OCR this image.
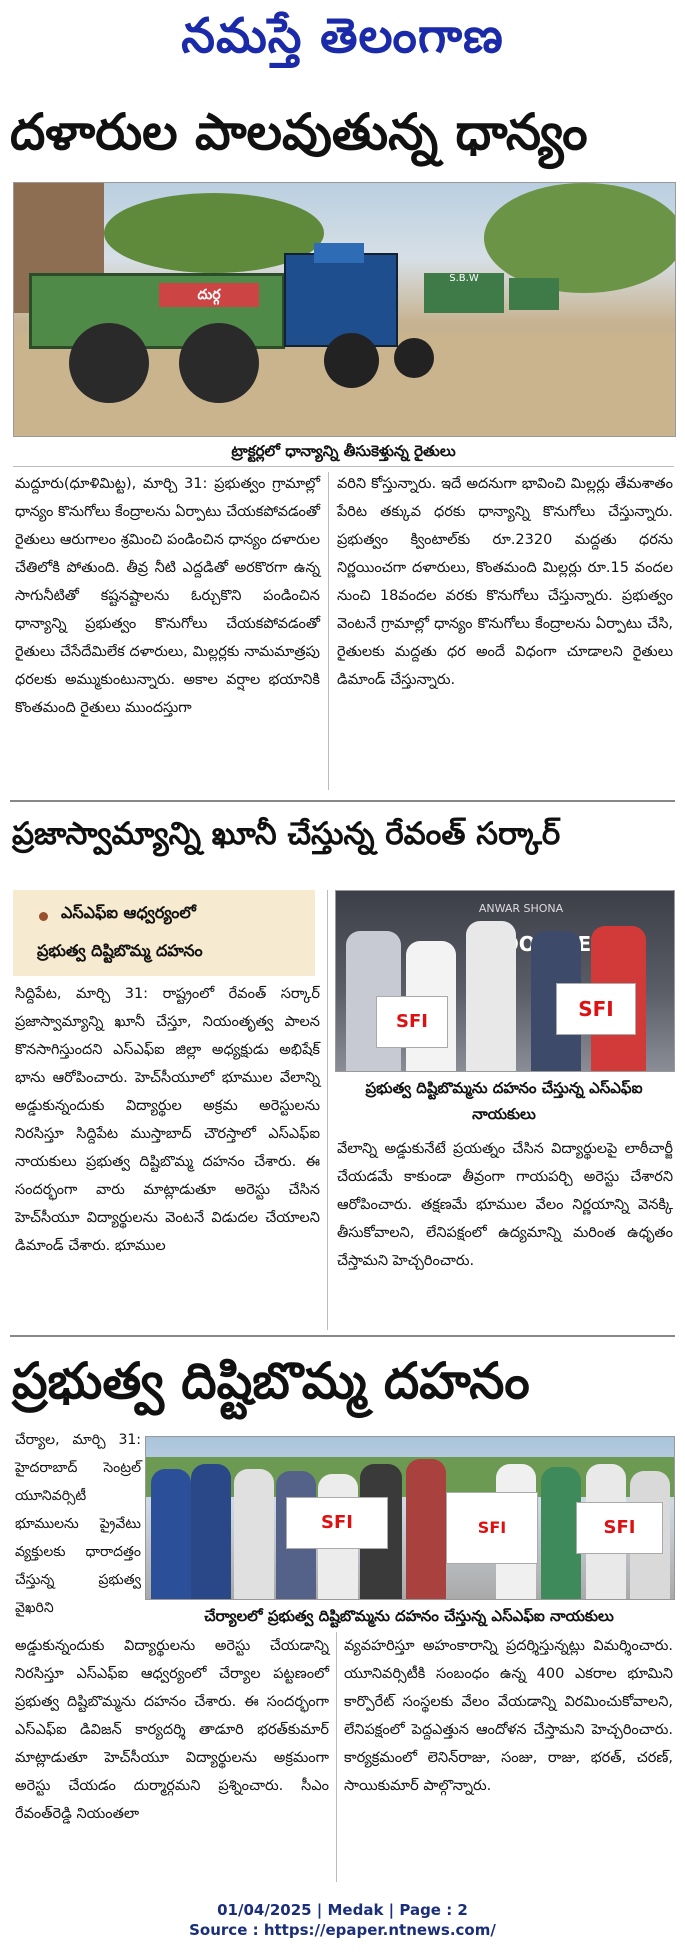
నమస్తే తెలంగాణ
దళారుల పాలవుతున్న ధాన్యం
దుర్గ
S.B.W
ట్రాక్టర్లలో ధాన్యాన్ని తీసుకెళ్తున్న రైతులు
మద్దూరు(ధూళిమిట్ట), మార్చి 31: ప్రభుత్వం గ్రామాల్లో ధాన్యం కొనుగోలు కేంద్రాలను ఏర్పాటు చేయకపోవడంతో రైతులు ఆరుగాలం శ్రమించి పండించిన ధాన్యం దళారుల చేతిలోకి పోతుంది. తీవ్ర నీటి ఎద్దడితో అరకొరగా ఉన్న సాగునీటితో కష్టనష్టాలను ఓర్చుకొని పండించిన ధాన్యాన్ని ప్రభుత్వం కొనుగోలు చేయకపోవడంతో రైతులు చేసేదేమిలేక దళారులు, మిల్లర్లకు నామమాత్రపు ధరలకు అమ్ముకుంటున్నారు. అకాల వర్షాల భయానికి కొంతమంది రైతులు ముందస్తుగా
వరిని కోస్తున్నారు. ఇదే అదనుగా భావించి మిల్లర్లు తేమశాతం పేరిట తక్కువ ధరకు ధాన్యాన్ని కొనుగోలు చేస్తున్నారు. ప్రభుత్వం క్వింటాల్‌కు రూ.2320 మద్దతు ధరను నిర్ణయించగా దళారులు, కొంతమంది మిల్లర్లు రూ.15 వందల నుంచి 18వందల వరకు కొనుగోలు చేస్తున్నారు. ప్రభుత్వం వెంటనే గ్రామాల్లో ధాన్యం కొనుగోలు కేంద్రాలను ఏర్పాటు చేసి, రైతులకు మద్దతు ధర అందే విధంగా చూడాలని రైతులు డిమాండ్ చేస్తున్నారు.
ప్రజాస్వామ్యాన్ని ఖూనీ చేస్తున్న రేవంత్ సర్కార్
ఎస్ఎఫ్ఐ ఆధ్వర్యంలో
ప్రభుత్వ దిష్టిబొమ్మ దహనం
ANWAR SHONA
ROOT
SFI
SFI
ప్రభుత్వ దిష్టిబొమ్మను దహనం చేస్తున్న ఎస్ఎఫ్ఐ నాయకులు
సిద్దిపేట, మార్చి 31: రాష్ట్రంలో రేవంత్ సర్కార్ ప్రజాస్వామ్యాన్ని ఖూనీ చేస్తూ, నియంతృత్వ పాలన కొనసాగిస్తుందని ఎస్ఎఫ్ఐ జిల్లా అధ్యక్షుడు అభిషేక్ భాను ఆరోపించారు. హెచ్‌సీయూలో భూముల వేలాన్ని అడ్డుకున్నందుకు విద్యార్థుల అక్రమ అరెస్టులను నిరసిస్తూ సిద్దిపేట ముస్తాబాద్ చౌరస్తాలో ఎస్ఎఫ్ఐ నాయకులు ప్రభుత్వ దిష్టిబొమ్మ దహనం చేశారు. ఈ సందర్భంగా వారు మాట్లాడుతూ అరెస్టు చేసిన హెచ్‌సీయూ విద్యార్థులను వెంటనే విడుదల చేయాలని డిమాండ్ చేశారు. భూముల
వేలాన్ని అడ్డుకునేటే ప్రయత్నం చేసిన విద్యార్థులపై లాఠీచార్జీ చేయడమే కాకుండా తీవ్రంగా గాయపర్చి అరెస్టు చేశారని ఆరోపించారు. తక్షణమే భూముల వేలం నిర్ణయాన్ని వెనక్కి తీసుకోవాలని, లేనిపక్షంలో ఉద్యమాన్ని మరింత ఉధృతం చేస్తామని హెచ్చరించారు.
ప్రభుత్వ దిష్టిబొమ్మ దహనం
చేర్యాల, మార్చి 31: హైదరాబాద్ సెంట్రల్ యూనివర్సిటీ భూములను ప్రైవేటు వ్యక్తులకు ధారాదత్తం చేస్తున్న ప్రభుత్వ వైఖరిని
SFI	SFI	SFI
చేర్యాలలో ప్రభుత్వ దిష్టిబొమ్మను దహనం చేస్తున్న ఎస్ఎఫ్ఐ నాయకులు
అడ్డుకున్నందుకు విద్యార్థులను అరెస్టు చేయడాన్ని నిరసిస్తూ ఎస్ఎఫ్ఐ ఆధ్వర్యంలో చేర్యాల పట్టణంలో ప్రభుత్వ దిష్టిబొమ్మను దహనం చేశారు. ఈ సందర్భంగా ఎస్ఎఫ్ఐ డివిజన్ కార్యదర్శి తాడూరి భరత్‌కుమార్ మాట్లాడుతూ హెచ్‌సీయూ విద్యార్థులను అక్రమంగా అరెస్టు చేయడం దుర్మార్గమని ప్రశ్నించారు. సీఎం రేవంత్‌రెడ్డి నియంతలా
వ్యవహరిస్తూ అహంకారాన్ని ప్రదర్శిస్తున్నట్లు విమర్శించారు. యూనివర్సిటీకి సంబంధం ఉన్న 400 ఎకరాల భూమిని కార్పొరేట్ సంస్థలకు వేలం వేయడాన్ని విరమించుకోవాలని, లేనిపక్షంలో పెద్దఎత్తున ఆందోళన చేస్తామని హెచ్చరించారు. కార్యక్రమంలో లెనిన్‌రాజు, సంజు, రాజు, భరత్, చరణ్, సాయికుమార్ పాల్గొన్నారు.
01/04/2025 | Medak | Page : 2
Source : https://epaper.ntnews.com/
